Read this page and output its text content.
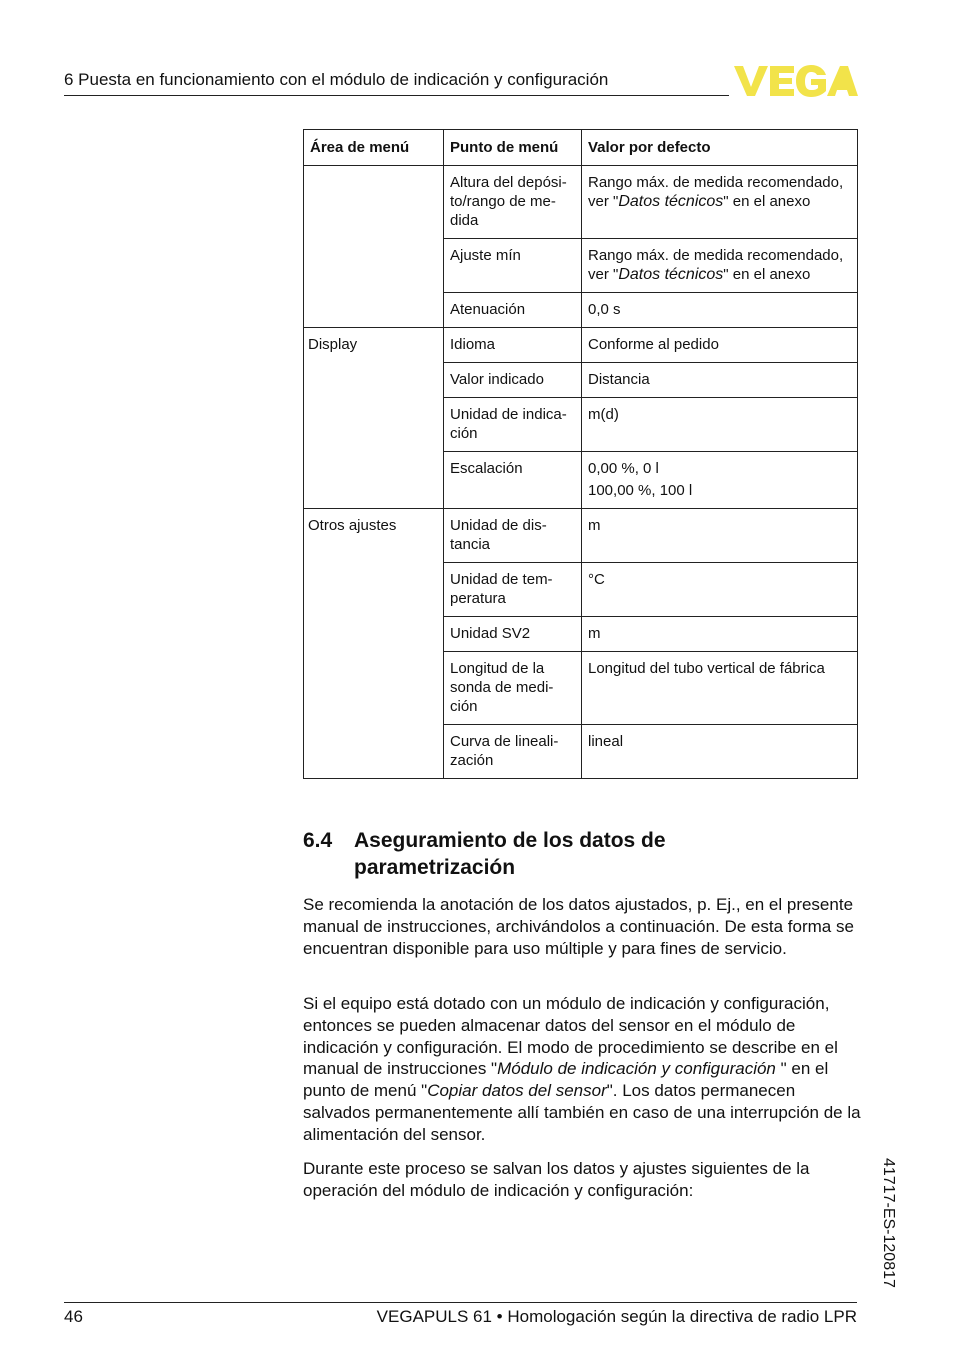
6 Puesta en funcionamiento con el módulo de indicación y configuración
Área de menú	Punto de menú	Valor por defecto
	Altura del depósi-to/rango de me-dida	Rango máx. de medida recomendado, ver "Datos técnicos" en el anexo
	Ajuste mín	Rango máx. de medida recomendado, ver "Datos técnicos" en el anexo
	Atenuación	0,0 s
Display	Idioma	Conforme al pedido
	Valor indicado	Distancia
	Unidad de indica-ción	m(d)
	Escalación	0,00 %, 0 l
100,00 %, 100 l

Otros ajustes	Unidad de dis-tancia	m
	Unidad de tem-peratura	°C
	Unidad SV2	m
	Longitud de la sonda de medi-ción	Longitud del tubo vertical de fábrica
	Curva de lineali-zación	lineal
6.4 Aseguramiento de los datos de
parametrización

Se recomienda la anotación de los datos ajustados, p. Ej., en el presente manual de instrucciones, archivándolos a continuación. De esta forma se encuentran disponible para uso múltiple y para fines de servicio.

Si el equipo está dotado con un módulo de indicación y configuración, entonces se pueden almacenar datos del sensor en el módulo de indicación y configuración. El modo de procedimiento se describe en el manual de instrucciones "Módulo de indicación y configuración " en el punto de menú "Copiar datos del sensor". Los datos permanecen salvados permanentemente allí también en caso de una interrupción de la alimentación del sensor.

Durante este proceso se salvan los datos y ajustes siguientes de la operación del módulo de indicación y configuración:	41717-ES-120817
46	VEGAPULS 61 • Homologación según la directiva de radio LPR
